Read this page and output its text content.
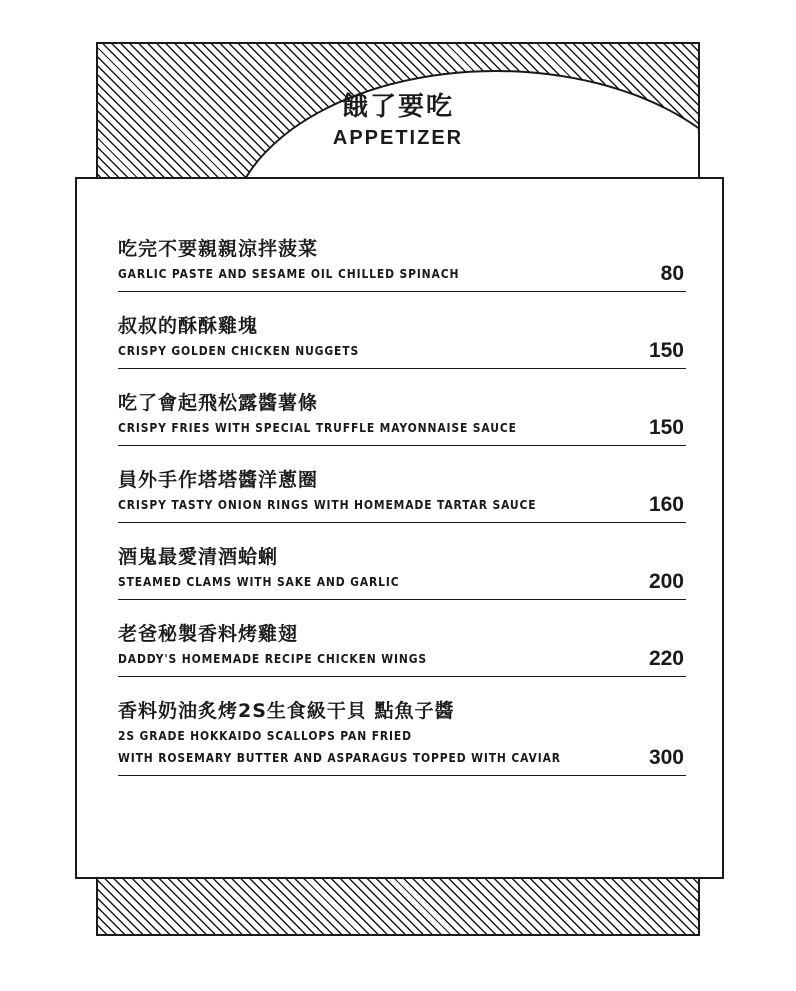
餓了要吃
APPETIZER
吃完不要親親涼拌菠菜
GARLIC PASTE AND SESAME OIL CHILLED SPINACH	80
叔叔的酥酥雞塊
CRISPY GOLDEN CHICKEN NUGGETS	150
吃了會起飛松露醬薯條
CRISPY FRIES WITH SPECIAL TRUFFLE MAYONNAISE SAUCE	150
員外手作塔塔醬洋蔥圈
CRISPY TASTY ONION RINGS WITH HOMEMADE TARTAR SAUCE	160
酒鬼最愛清酒蛤蜊
STEAMED CLAMS WITH SAKE AND GARLIC	200
老爸秘製香料烤雞翅
DADDY'S HOMEMADE RECIPE CHICKEN WINGS	220
香料奶油炙烤2S生食級干貝 點魚子醬
2S GRADE HOKKAIDO SCALLOPS PAN FRIED
WITH ROSEMARY BUTTER AND ASPARAGUS TOPPED WITH CAVIAR	300
